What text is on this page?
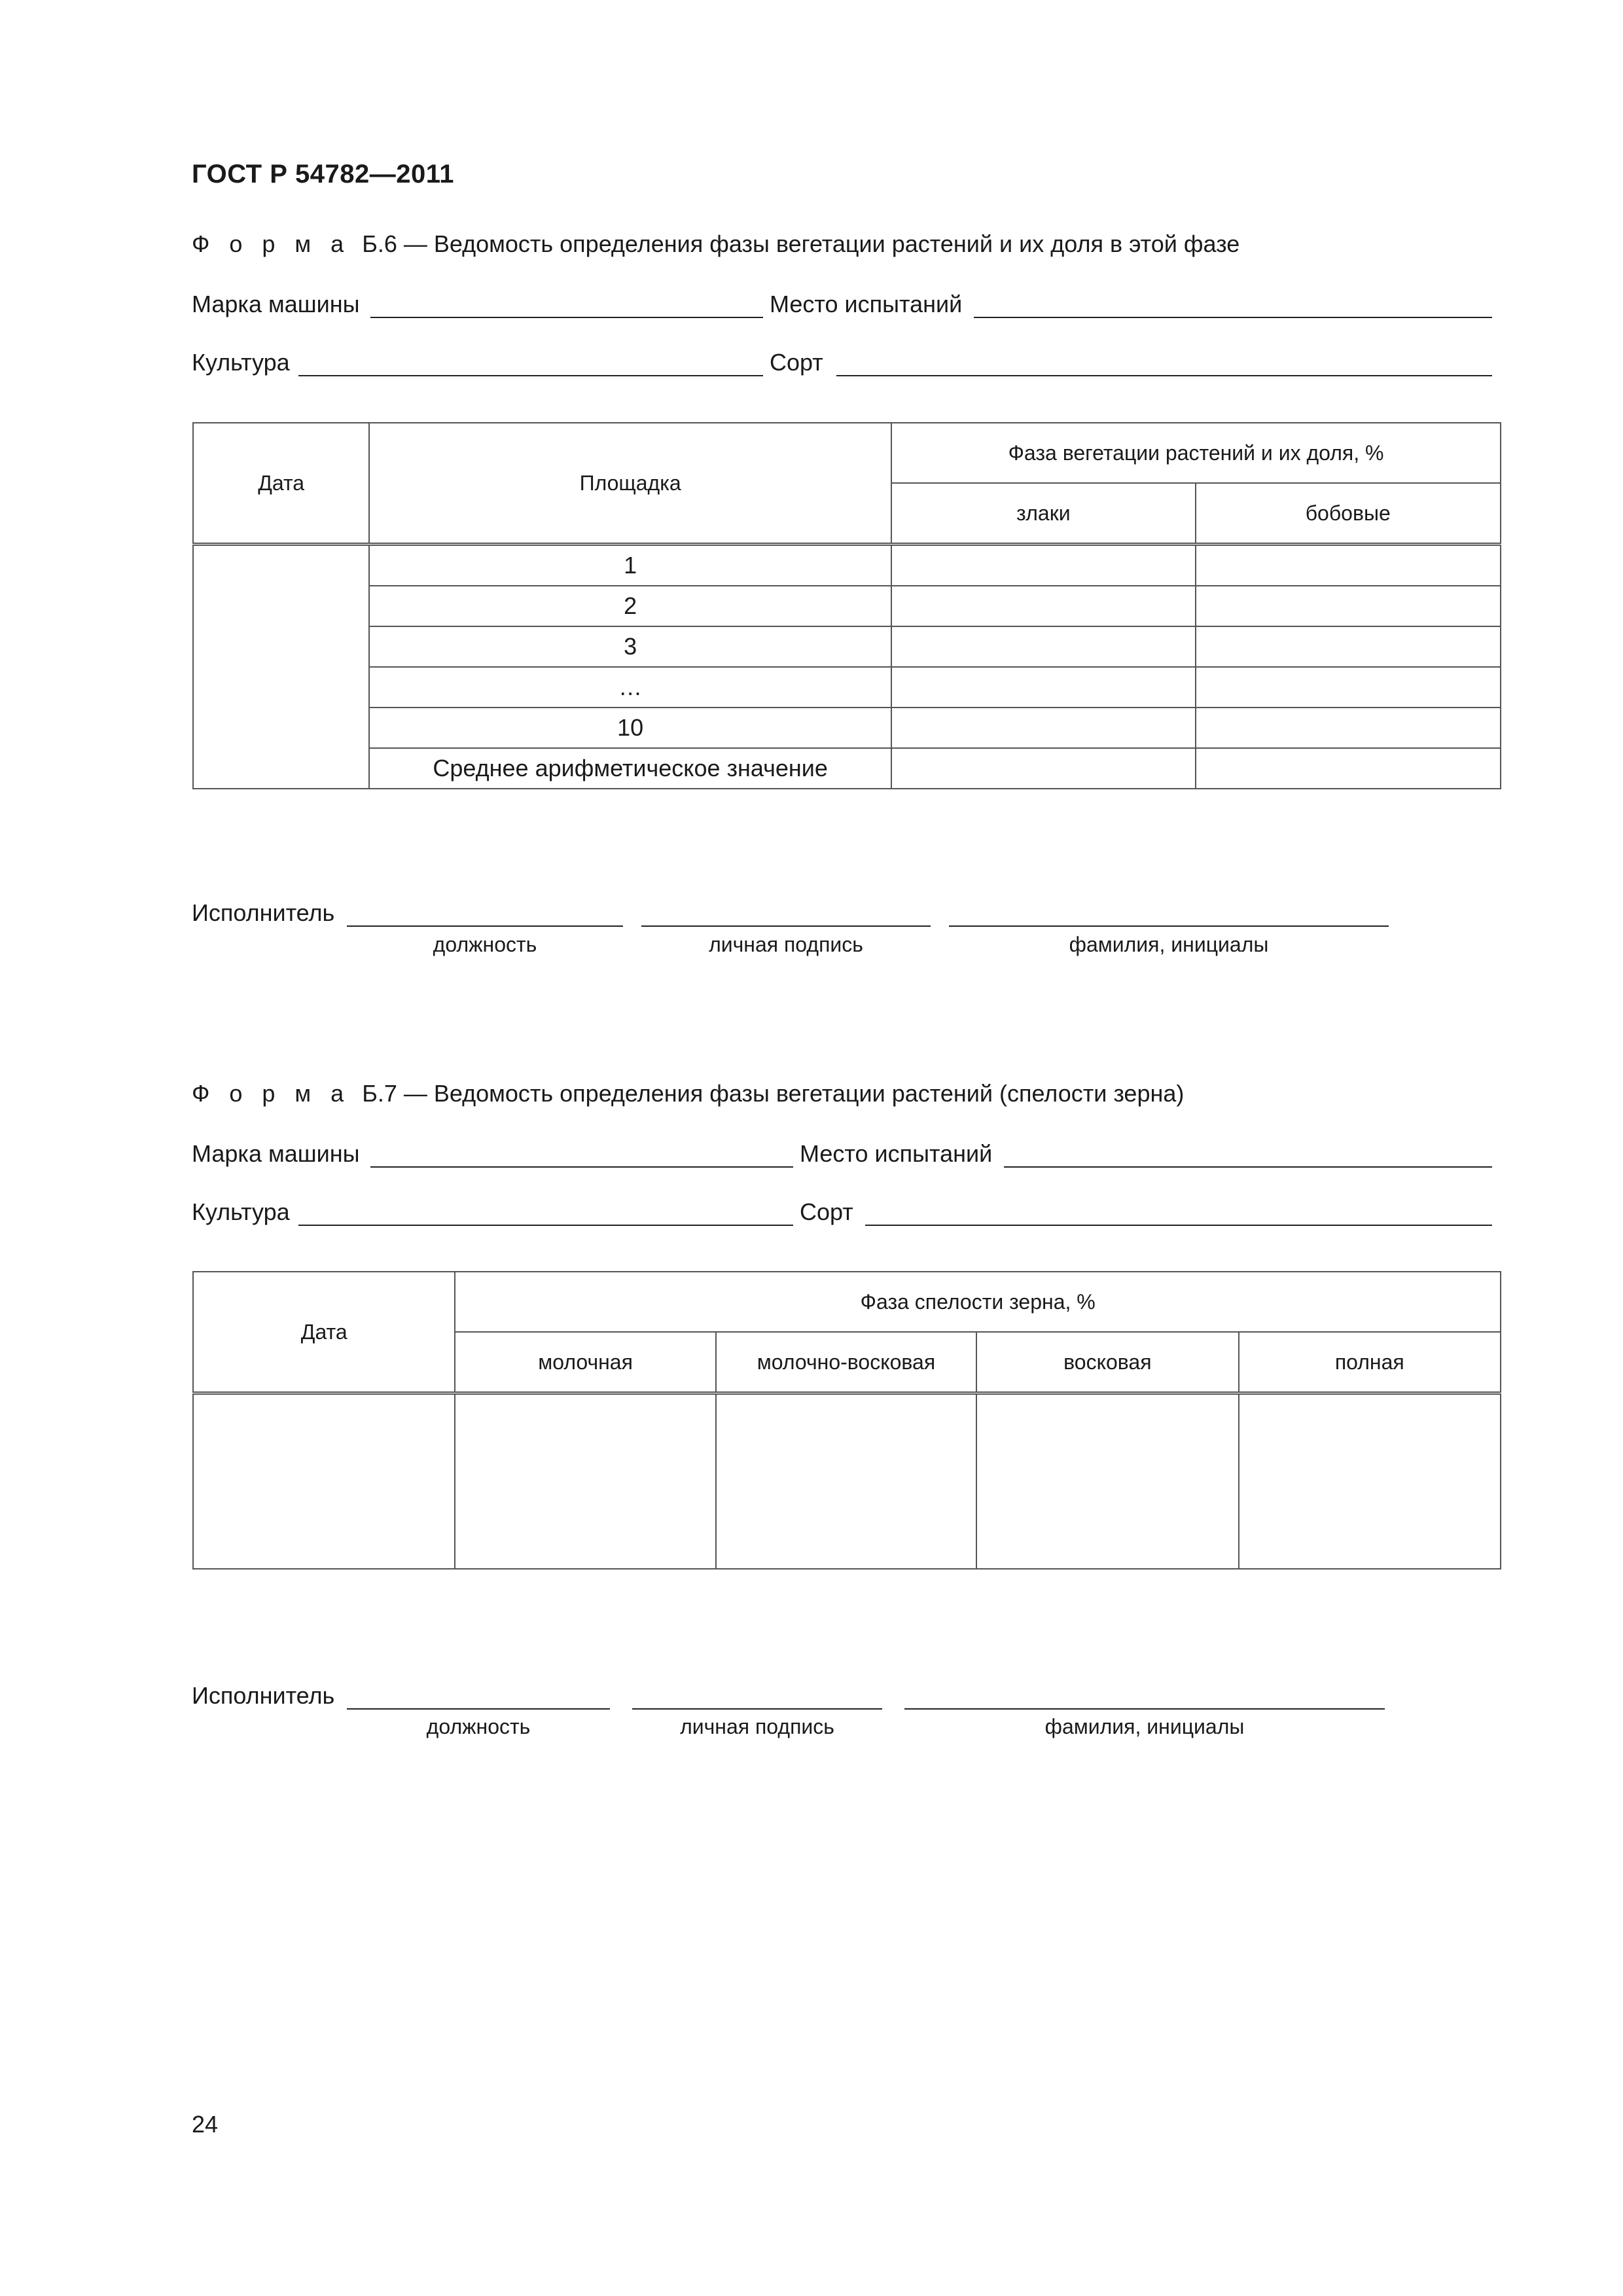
ГОСТ Р 54782—2011
Ф о р м а Б.6 — Ведомость определения фазы вегетации растений и их доля в этой фазе
Марка машины	Место испытаний
Культура	Сорт
Дата	Площадка	Фаза вегетации растений и их доля, %	
		злаки	бобовые
	1		
	2		
	3		
	…		
	10		
	Среднее арифметическое значение		
Исполнитель
должность	личная подпись	фамилия, инициалы
Ф о р м а Б.7 — Ведомость определения фазы вегетации растений (спелости зерна)
Марка машины	Место испытаний
Культура	Сорт
Дата	Фаза спелости зерна, %			
	молочная	молочно-восковая	восковая	полная

Исполнитель
должность	личная подпись	фамилия, инициалы
24
